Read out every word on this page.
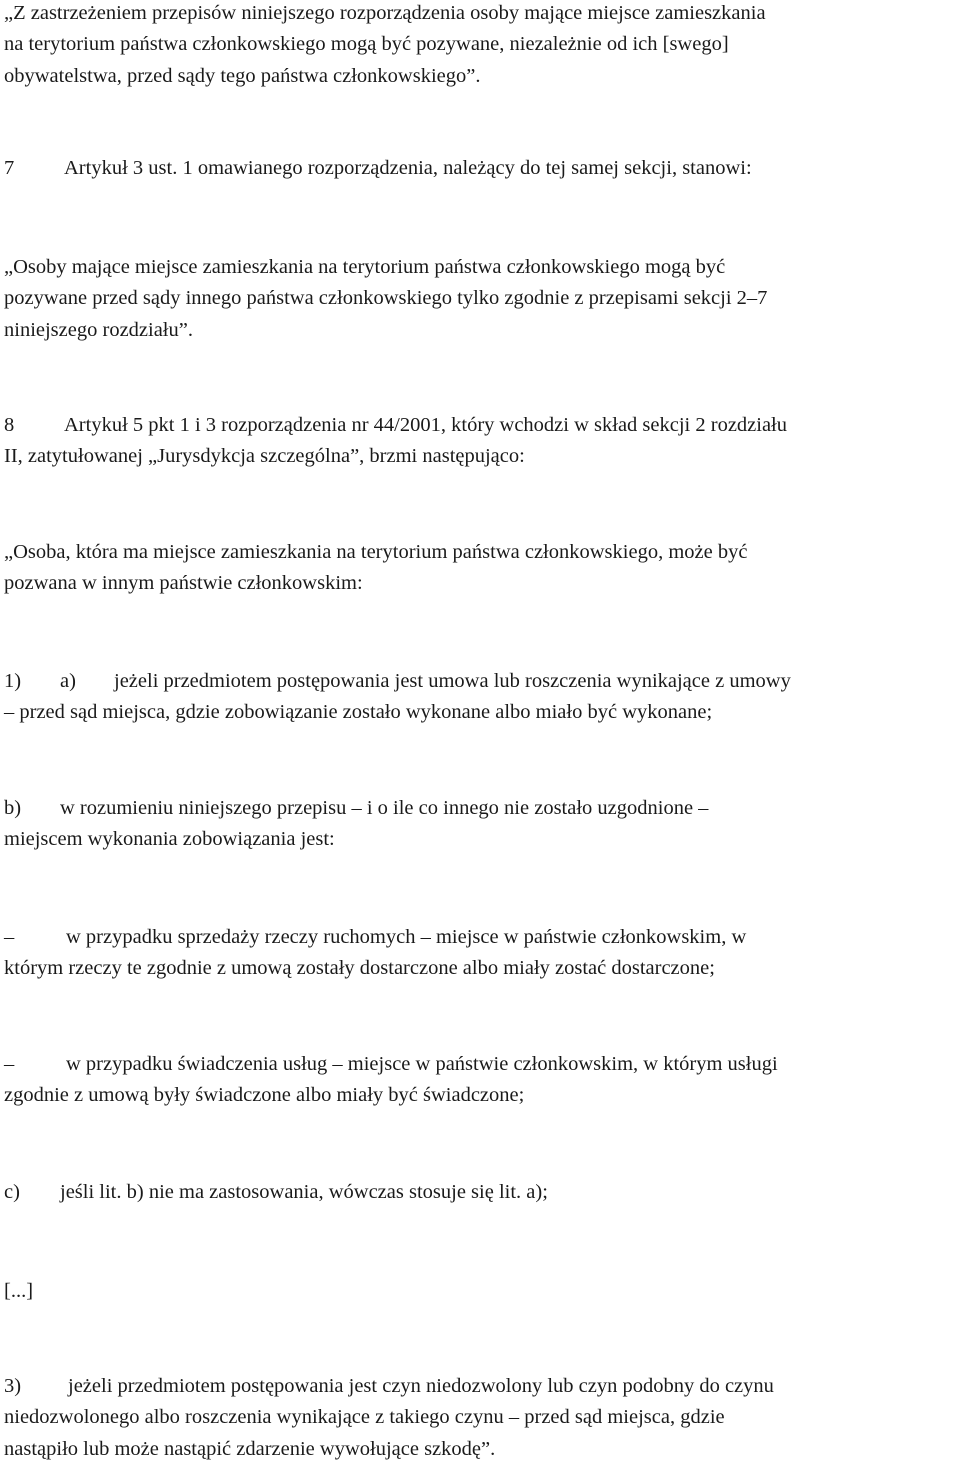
„Z zastrzeżeniem przepisów niniejszego rozporządzenia osoby mające miejsce zamieszkania
na terytorium państwa członkowskiego mogą być pozywane, niezależnie od ich [swego]
obywatelstwa, przed sądy tego państwa członkowskiego”.
7 Artykuł 3 ust. 1 omawianego rozporządzenia, należący do tej samej sekcji, stanowi:
„Osoby mające miejsce zamieszkania na terytorium państwa członkowskiego mogą być
pozywane przed sądy innego państwa członkowskiego tylko zgodnie z przepisami sekcji 2–7
niniejszego rozdziału”.
8 Artykuł 5 pkt 1 i 3 rozporządzenia nr 44/2001, który wchodzi w skład sekcji 2 rozdziału
II, zatytułowanej „Jurysdykcja szczególna”, brzmi następująco:
„Osoba, która ma miejsce zamieszkania na terytorium państwa członkowskiego, może być
pozwana w innym państwie członkowskim:
1) a) jeżeli przedmiotem postępowania jest umowa lub roszczenia wynikające z umowy
– przed sąd miejsca, gdzie zobowiązanie zostało wykonane albo miało być wykonane;
b) w rozumieniu niniejszego przepisu – i o ile co innego nie zostało uzgodnione –
miejscem wykonania zobowiązania jest:
–	w przypadku sprzedaży rzeczy ruchomych – miejsce w państwie członkowskim, w
którym rzeczy te zgodnie z umową zostały dostarczone albo miały zostać dostarczone;
–	w przypadku świadczenia usług – miejsce w państwie członkowskim, w którym usługi
zgodnie z umową były świadczone albo miały być świadczone;
c) jeśli lit. b) nie ma zastosowania, wówczas stosuje się lit. a);
[...]
3) jeżeli przedmiotem postępowania jest czyn niedozwolony lub czyn podobny do czynu
niedozwolonego albo roszczenia wynikające z takiego czynu – przed sąd miejsca, gdzie
nastąpiło lub może nastąpić zdarzenie wywołujące szkodę”.
